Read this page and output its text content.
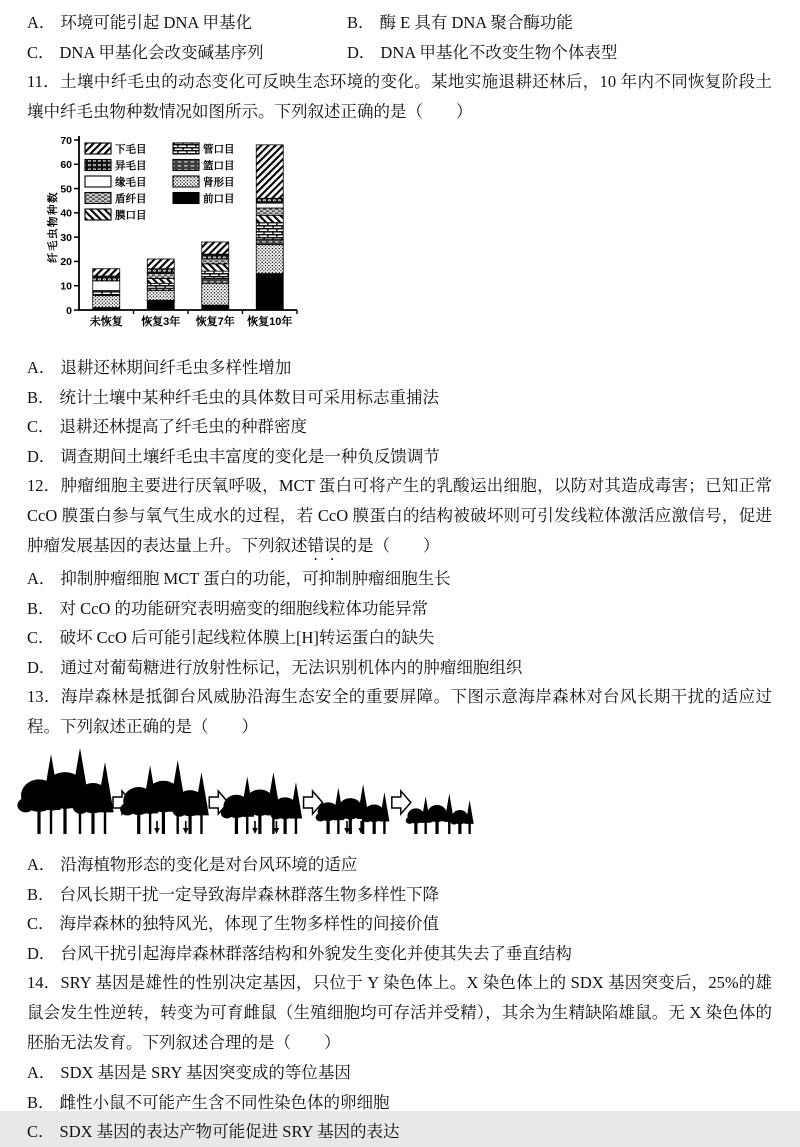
A． 环境可能引起 DNA 甲基化	B． 酶 E 具有 DNA 聚合酶功能
C． DNA 甲基化会改变碱基序列	D． DNA 甲基化不改变生物个体表型

11．土壤中纤毛虫的动态变化可反映生态环境的变化。某地实施退耕还林后，10 年内不同恢复阶段土壤中纤毛虫物种数情况如图所示。下列叙述正确的是（　　）

0
10
20
30
40
50
60
70
纤毛虫物种数
未恢复 恢复3年 恢复7年 恢复10年
下毛目
异毛目
缘毛目
盾纤目
膜口目
管口目
篮口目
肾形目
前口目
A． 退耕还林期间纤毛虫多样性增加
B． 统计土壤中某种纤毛虫的具体数目可采用标志重捕法
C． 退耕还林提高了纤毛虫的种群密度
D． 调查期间土壤纤毛虫丰富度的变化是一种负反馈调节

12．肿瘤细胞主要进行厌氧呼吸，MCT 蛋白可将产生的乳酸运出细胞，以防对其造成毒害；已知正常 CcO 膜蛋白参与氧气生成水的过程，若 CcO 膜蛋白的结构被破坏则可引发线粒体激活应激信号，促进肿瘤发展基因的表达量上升。下列叙述错误的是（　　）

A． 抑制肿瘤细胞 MCT 蛋白的功能，可抑制肿瘤细胞生长
B． 对 CcO 的功能研究表明癌变的细胞线粒体功能异常
C． 破坏 CcO 后可能引起线粒体膜上[H]转运蛋白的缺失
D． 通过对葡萄糖进行放射性标记，无法识别机体内的肿瘤细胞组织

13．海岸森林是抵御台风威胁沿海生态安全的重要屏障。下图示意海岸森林对台风长期干扰的适应过程。下列叙述正确的是（　　）

A． 沿海植物形态的变化是对台风环境的适应
B． 台风长期干扰一定导致海岸森林群落生物多样性下降
C． 海岸森林的独特风光，体现了生物多样性的间接价值
D． 台风干扰引起海岸森林群落结构和外貌发生变化并使其失去了垂直结构

14．SRY 基因是雄性的性别决定基因，只位于 Y 染色体上。X 染色体上的 SDX 基因突变后，25%的雄鼠会发生性逆转，转变为可育雌鼠（生殖细胞均可存活并受精），其余为生精缺陷雄鼠。无 X 染色体的胚胎无法发育。下列叙述合理的是（　　）

A． SDX 基因是 SRY 基因突变成的等位基因
B． 雌性小鼠不可能产生含不同性染色体的卵细胞
C． SDX 基因的表达产物可能促进 SRY 基因的表达
